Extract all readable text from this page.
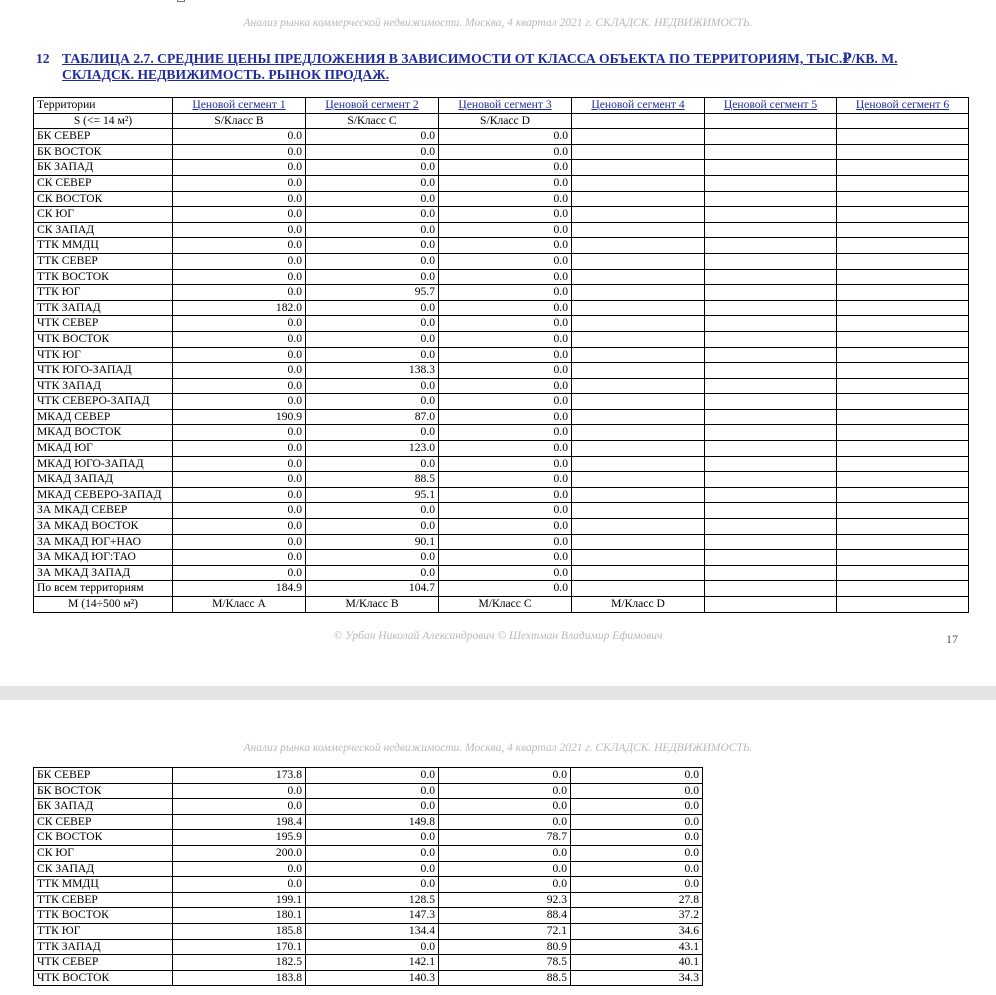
Анализ рынка коммерческой недвижимости. Москва, 4 квартал 2021 г. СКЛАДСК. НЕДВИЖИМОСТЬ.
12 ТАБЛИЦА 2.7. СРЕДНИЕ ЦЕНЫ ПРЕДЛОЖЕНИЯ В ЗАВИСИМОСТИ ОТ КЛАССА ОБЪЕКТА ПО ТЕРРИТОРИЯМ, ТЫС.₽/КВ. М. СКЛАДСК. НЕДВИЖИМОСТЬ. РЫНОК ПРОДАЖ.
Территории	Ценовой сегмент 1	Ценовой сегмент 2	Ценовой сегмент 3	Ценовой сегмент 4	Ценовой сегмент 5	Ценовой сегмент 6
S (<= 14 м²)	S/Класс B	S/Класс C	S/Класс D			
БК СЕВЕР	0.0	0.0	0.0			
БК ВОСТОК	0.0	0.0	0.0			
БК ЗАПАД	0.0	0.0	0.0			
СК СЕВЕР	0.0	0.0	0.0			
СК ВОСТОК	0.0	0.0	0.0			
СК ЮГ	0.0	0.0	0.0			
СК ЗАПАД	0.0	0.0	0.0			
ТТК ММДЦ	0.0	0.0	0.0			
ТТК СЕВЕР	0.0	0.0	0.0			
ТТК ВОСТОК	0.0	0.0	0.0			
ТТК ЮГ	0.0	95.7	0.0			
ТТК ЗАПАД	182.0	0.0	0.0			
ЧТК СЕВЕР	0.0	0.0	0.0			
ЧТК ВОСТОК	0.0	0.0	0.0			
ЧТК ЮГ	0.0	0.0	0.0			
ЧТК ЮГО-ЗАПАД	0.0	138.3	0.0			
ЧТК ЗАПАД	0.0	0.0	0.0			
ЧТК СЕВЕРО-ЗАПАД	0.0	0.0	0.0			
МКАД СЕВЕР	190.9	87.0	0.0			
МКАД ВОСТОК	0.0	0.0	0.0			
МКАД ЮГ	0.0	123.0	0.0			
МКАД ЮГО-ЗАПАД	0.0	0.0	0.0			
МКАД ЗАПАД	0.0	88.5	0.0			
МКАД СЕВЕРО-ЗАПАД	0.0	95.1	0.0			
ЗА МКАД СЕВЕР	0.0	0.0	0.0			
ЗА МКАД ВОСТОК	0.0	0.0	0.0			
ЗА МКАД ЮГ+НАО	0.0	90.1	0.0			
ЗА МКАД ЮГ:ТАО	0.0	0.0	0.0			
ЗА МКАД ЗАПАД	0.0	0.0	0.0			
По всем территориям	184.9	104.7	0.0			
М (14÷500 м²)	М/Класс A	М/Класс B	М/Класс C	М/Класс D		
© Урбан Николай Александрович © Шехтман Владимир Ефимович	17
Анализ рынка коммерческой недвижимости. Москва, 4 квартал 2021 г. СКЛАДСК. НЕДВИЖИМОСТЬ.
БК СЕВЕР	173.8	0.0	0.0	0.0
БК ВОСТОК	0.0	0.0	0.0	0.0
БК ЗАПАД	0.0	0.0	0.0	0.0
СК СЕВЕР	198.4	149.8	0.0	0.0
СК ВОСТОК	195.9	0.0	78.7	0.0
СК ЮГ	200.0	0.0	0.0	0.0
СК ЗАПАД	0.0	0.0	0.0	0.0
ТТК ММДЦ	0.0	0.0	0.0	0.0
ТТК СЕВЕР	199.1	128.5	92.3	27.8
ТТК ВОСТОК	180.1	147.3	88.4	37.2
ТТК ЮГ	185.8	134.4	72.1	34.6
ТТК ЗАПАД	170.1	0.0	80.9	43.1
ЧТК СЕВЕР	182.5	142.1	78.5	40.1
ЧТК ВОСТОК	183.8	140.3	88.5	34.3
